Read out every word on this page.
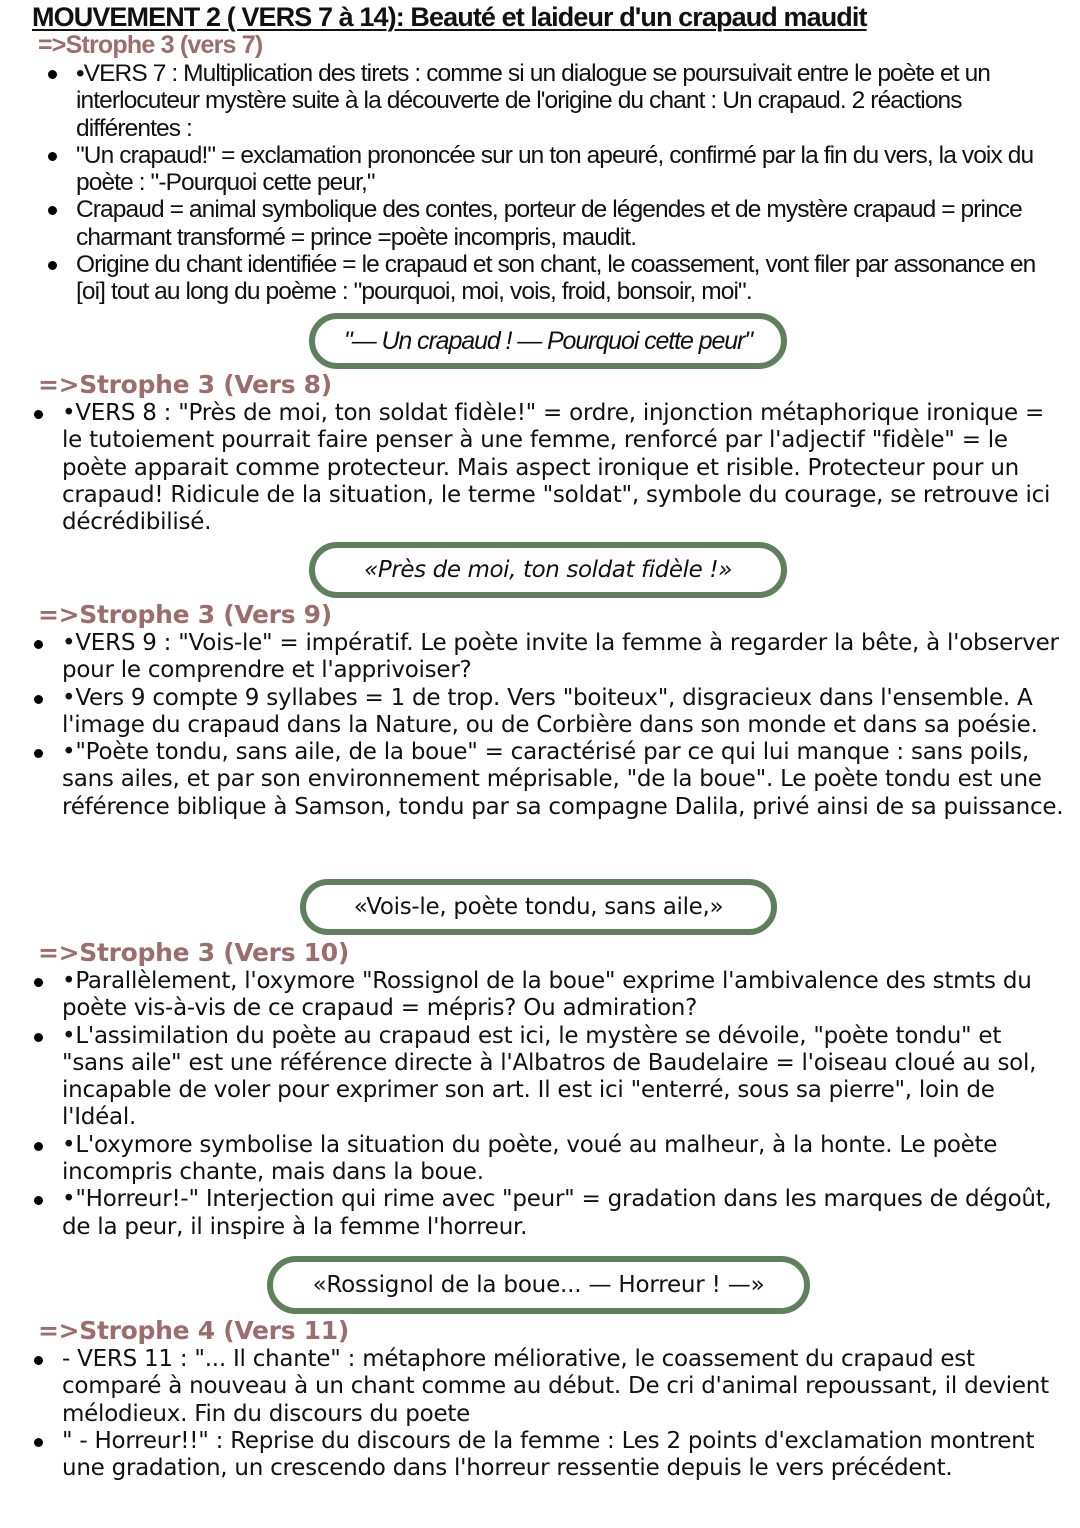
MOUVEMENT 2 ( VERS 7 à 14): Beauté et laideur d'un crapaud maudit
=>Strophe 3 (vers 7)
•VERS 7 : Multiplication des tirets : comme si un dialogue se poursuivait entre le poète et un interlocuteur mystère suite à la découverte de l'origine du chant : Un crapaud. 2 réactions différentes :
"Un crapaud!" = exclamation prononcée sur un ton apeuré, confirmé par la fin du vers, la voix du poète : "-Pourquoi cette peur,"
Crapaud = animal symbolique des contes, porteur de légendes et de mystère crapaud = prince charmant transformé = prince =poète incompris, maudit.
Origine du chant identifiée = le crapaud et son chant, le coassement, vont filer par assonance en [oi] tout au long du poème : "pourquoi, moi, vois, froid, bonsoir, moi".
"— Un crapaud ! — Pourquoi cette peur"
=>Strophe 3 (Vers 8)
•VERS 8 : "Près de moi, ton soldat fidèle!" = ordre, injonction métaphorique ironique = le tutoiement pourrait faire penser à une femme, renforcé par l'adjectif "fidèle" = le poète apparait comme protecteur. Mais aspect ironique et risible. Protecteur pour un crapaud! Ridicule de la situation, le terme "soldat", symbole du courage, se retrouve ici décrédibilisé.
«Près de moi, ton soldat fidèle !»
=>Strophe 3 (Vers 9)
•VERS 9 : "Vois-le" = impératif. Le poète invite la femme à regarder la bête, à l'observer pour le comprendre et l'apprivoiser?
•Vers 9 compte 9 syllabes = 1 de trop. Vers "boiteux", disgracieux dans l'ensemble. A l'image du crapaud dans la Nature, ou de Corbière dans son monde et dans sa poésie.
•"Poète tondu, sans aile, de la boue" = caractérisé par ce qui lui manque : sans poils, sans ailes, et par son environnement méprisable, "de la boue". Le poète tondu est une référence biblique à Samson, tondu par sa compagne Dalila, privé ainsi de sa puissance.
«Vois-le, poète tondu, sans aile,»
=>Strophe 3 (Vers 10)
•Parallèlement, l'oxymore "Rossignol de la boue" exprime l'ambivalence des stmts du poète vis-à-vis de ce crapaud = mépris? Ou admiration?
•L'assimilation du poète au crapaud est ici, le mystère se dévoile, "poète tondu" et "sans aile" est une référence directe à l'Albatros de Baudelaire = l'oiseau cloué au sol, incapable de voler pour exprimer son art. Il est ici "enterré, sous sa pierre", loin de l'Idéal.
•L'oxymore symbolise la situation du poète, voué au malheur, à la honte. Le poète incompris chante, mais dans la boue.
•"Horreur!-" Interjection qui rime avec "peur" = gradation dans les marques de dégoût, de la peur, il inspire à la femme l'horreur.
«Rossignol de la boue... — Horreur ! —»
=>Strophe 4 (Vers 11)
- VERS 11 : "... Il chante" : métaphore méliorative, le coassement du crapaud est comparé à nouveau à un chant comme au début. De cri d'animal repoussant, il devient mélodieux. Fin du discours du poete
" - Horreur!!" : Reprise du discours de la femme : Les 2 points d'exclamation montrent une gradation, un crescendo dans l'horreur ressentie depuis le vers précédent.
